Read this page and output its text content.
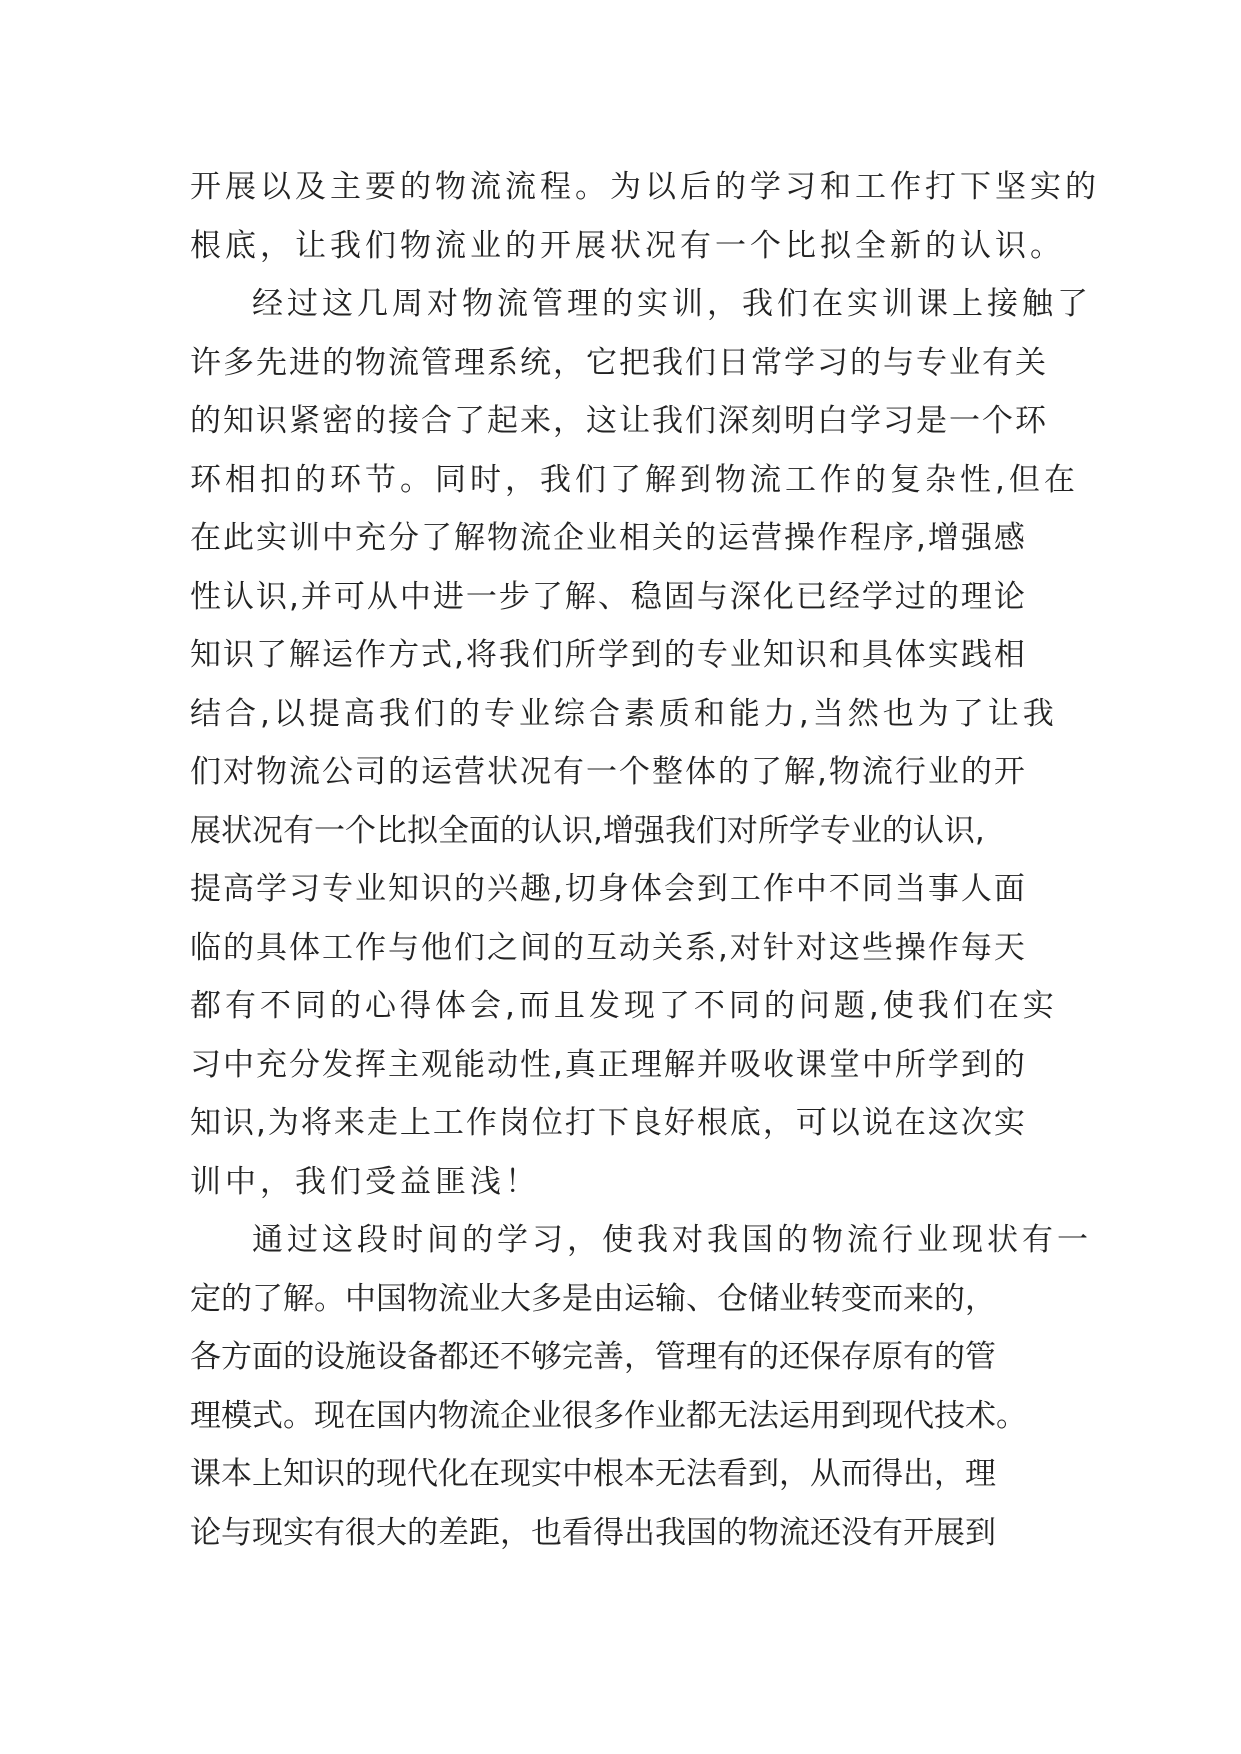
开展以及主要的物流流程。为以后的学习和工作打下坚实的
根底，让我们物流业的开展状况有一个比拟全新的认识。
经过这几周对物流管理的实训，我们在实训课上接触了
许多先进的物流管理系统，它把我们日常学习的与专业有关
的知识紧密的接合了起来，这让我们深刻明白学习是一个环
环相扣的环节。同时，我们了解到物流工作的复杂性,但在
在此实训中充分了解物流企业相关的运营操作程序,增强感
性认识,并可从中进一步了解、稳固与深化已经学过的理论
知识了解运作方式,将我们所学到的专业知识和具体实践相
结合,以提高我们的专业综合素质和能力,当然也为了让我
们对物流公司的运营状况有一个整体的了解,物流行业的开
展状况有一个比拟全面的认识,增强我们对所学专业的认识,
提高学习专业知识的兴趣,切身体会到工作中不同当事人面
临的具体工作与他们之间的互动关系,对针对这些操作每天
都有不同的心得体会,而且发现了不同的问题,使我们在实
习中充分发挥主观能动性,真正理解并吸收课堂中所学到的
知识,为将来走上工作岗位打下良好根底，可以说在这次实
训中，我们受益匪浅！
通过这段时间的学习，使我对我国的物流行业现状有一
定的了解。中国物流业大多是由运输、仓储业转变而来的，
各方面的设施设备都还不够完善，管理有的还保存原有的管
理模式。现在国内物流企业很多作业都无法运用到现代技术。
课本上知识的现代化在现实中根本无法看到，从而得出，理
论与现实有很大的差距，也看得出我国的物流还没有开展到
